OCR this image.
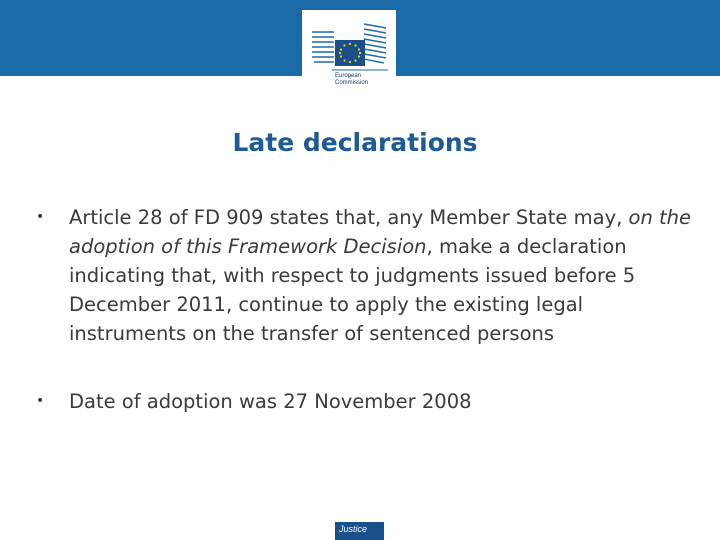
European
Commission
Late declarations
• Article 28 of FD 909 states that, any Member State may, on the adoption of this Framework Decision, make a declaration indicating that, with respect to judgments issued before 5 December 2011, continue to apply the existing legal instruments on the transfer of sentenced persons
• Date of adoption was 27 November 2008
Justice
